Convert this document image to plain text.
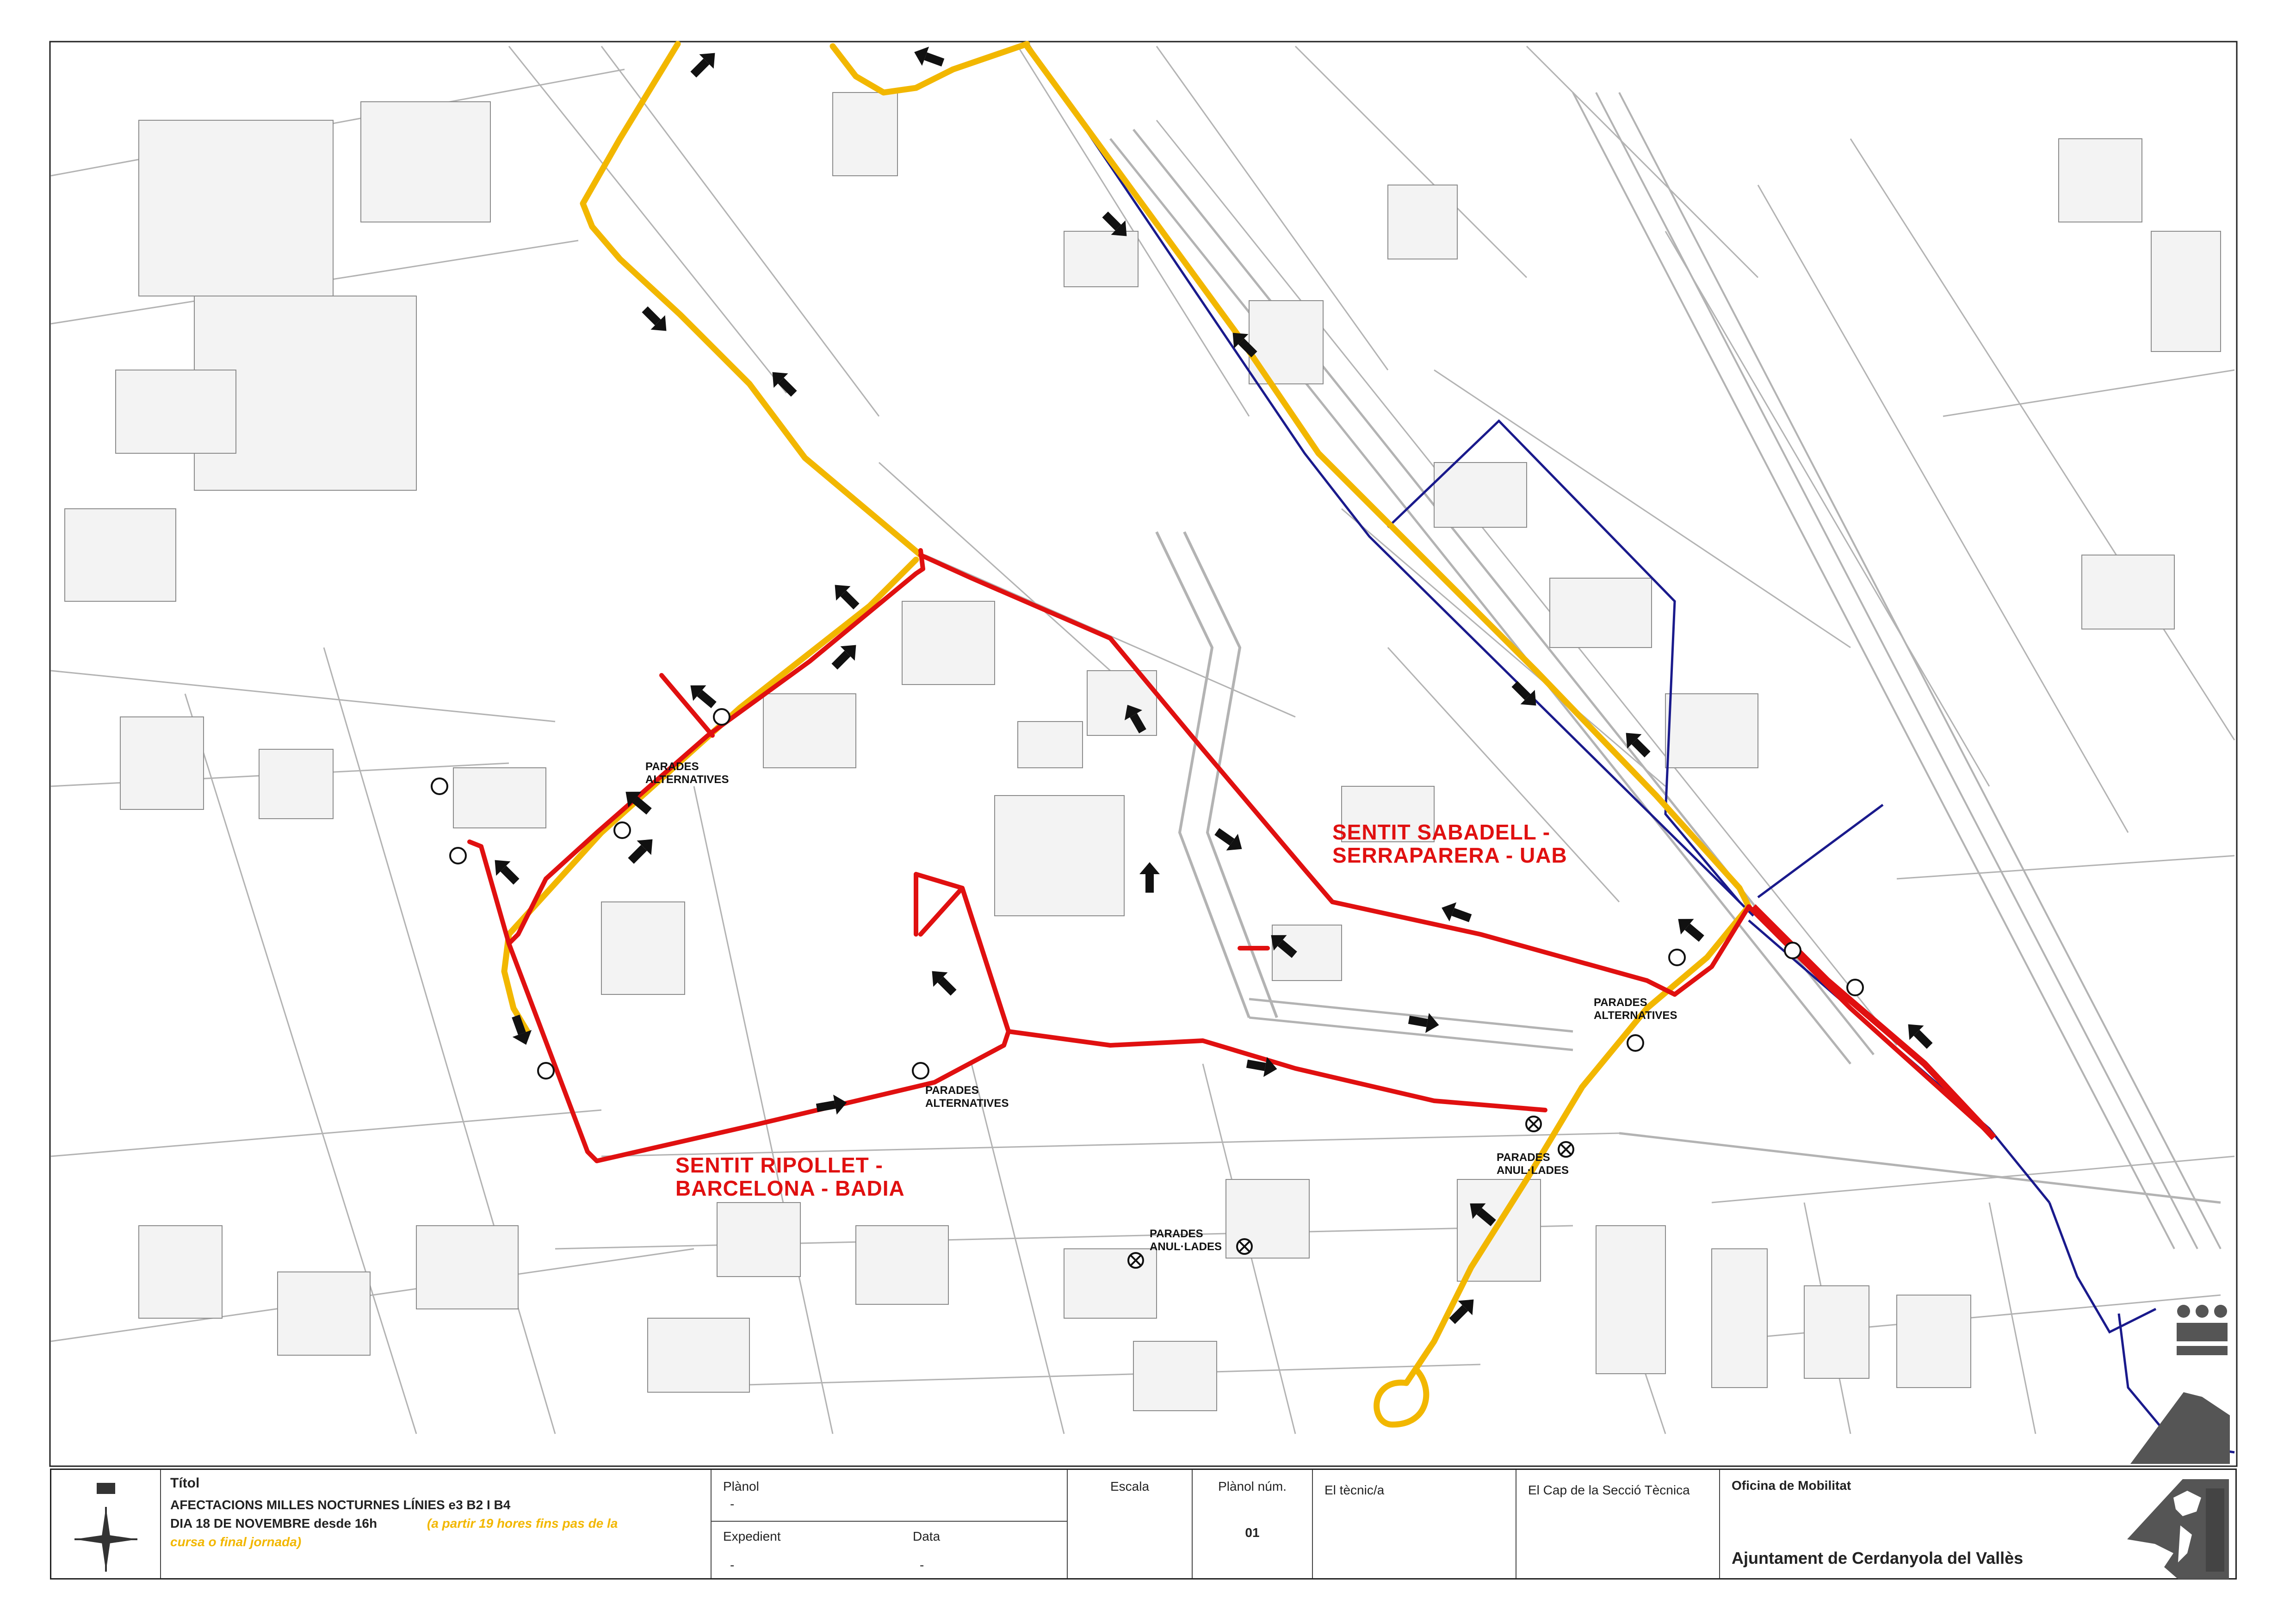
SENTIT SABADELL -
SERRAPARERA - UAB
SENTIT RIPOLLET -
BARCELONA - BADIA
PARADES
ALTERNATIVES
PARADES
ALTERNATIVES
PARADES
ALTERNATIVES
PARADES
ANUL·LADES
PARADES
ANUL·LADES
Títol
AFECTACIONS MILLES NOCTURNES LÍNIES e3 B2 I B4
DIA 18 DE NOVEMBRE desde 16h	(a partir 19 hores fins pas de la
cursa o final jornada)
Plànol
-
Expedient
-
Data
-
Escala	Plànol núm.
01
El tècnic/a	El Cap de la Secció Tècnica	Oficina de Mobilitat
Ajuntament de Cerdanyola del Vallès
